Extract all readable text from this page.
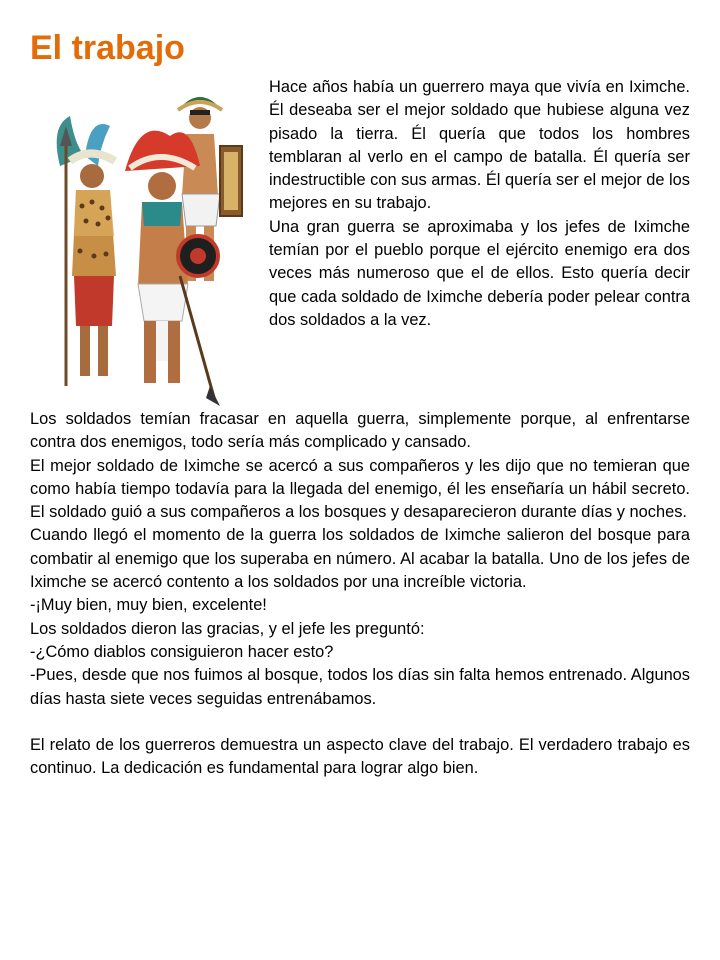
El trabajo

Hace años había un guerrero maya que vivía en Iximche. Él deseaba ser el mejor soldado que hubiese alguna vez pisado la tierra. Él quería que todos los hombres temblaran al verlo en el campo de batalla. Él quería ser indestructible con sus armas. Él quería ser el mejor de los mejores en su trabajo.

Una gran guerra se aproximaba y los jefes de Iximche temían por el pueblo porque el ejército enemigo era dos veces más numeroso que el de ellos. Esto quería decir que cada soldado de Iximche debería poder pelear contra dos soldados a la vez.

Los soldados temían fracasar en aquella guerra, simplemente porque, al enfrentarse contra dos enemigos, todo sería más complicado y cansado.

El mejor soldado de Iximche se acercó a sus compañeros y les dijo que no temieran que como había tiempo todavía para la llegada del enemigo, él les enseñaría un hábil secreto. El soldado guió a sus compañeros a los bosques y desaparecieron durante días y noches.

Cuando llegó el momento de la guerra los soldados de Iximche salieron del bosque para combatir al enemigo que los superaba en número. Al acabar la batalla. Uno de los jefes de Iximche se acercó contento a los soldados por una increíble victoria.

-¡Muy bien, muy bien, excelente!

Los soldados dieron las gracias, y el jefe les preguntó:

-¿Cómo diablos consiguieron hacer esto?

-Pues, desde que nos fuimos al bosque, todos los días sin falta hemos entrenado. Algunos días hasta siete veces seguidas entrenábamos.

El relato de los guerreros demuestra un aspecto clave del trabajo. El verdadero trabajo es continuo. La dedicación es fundamental para lograr algo bien.
